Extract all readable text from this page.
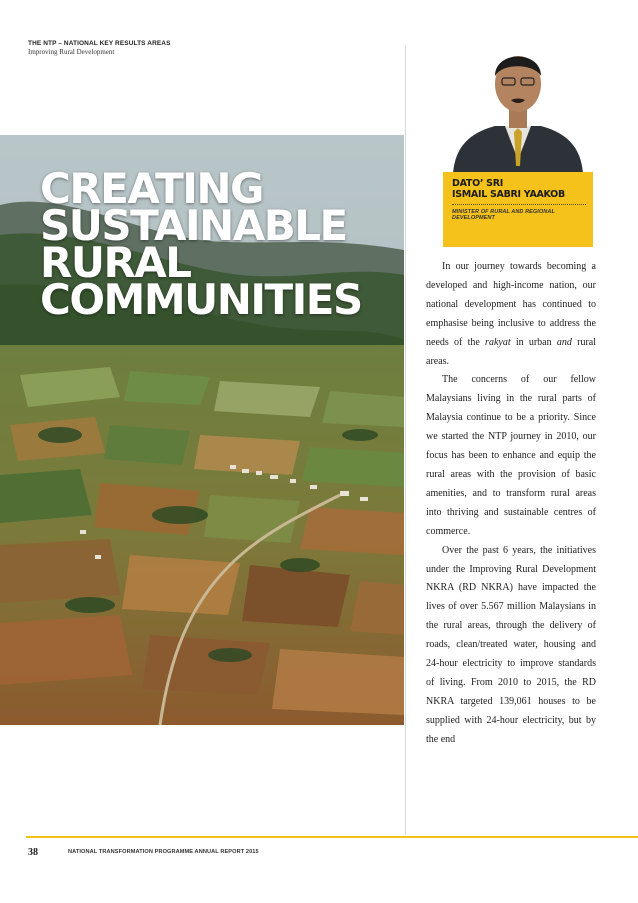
THE NTP – NATIONAL KEY RESULTS AREAS
Improving Rural Development
CREATING
SUSTAINABLE
RURAL
COMMUNITIES
DATO’ SRI
ISMAIL SABRI YAAKOB
MINISTER OF RURAL AND REGIONAL DEVELOPMENT

In our journey towards becoming a developed and high-income nation, our national development has continued to emphasise being inclusive to address the needs of the rakyat in urban and rural areas.

The concerns of our fellow Malaysians living in the rural parts of Malaysia continue to be a priority. Since we started the NTP journey in 2010, our focus has been to enhance and equip the rural areas with the provision of basic amenities, and to transform rural areas into thriving and sustainable centres of commerce.

Over the past 6 years, the initiatives under the Improving Rural Development NKRA (RD NKRA) have impacted the lives of over 5.567 million Malaysians in the rural areas, through the delivery of roads, clean/treated water, housing and 24-hour electricity to improve standards of living. From 2010 to 2015, the RD NKRA targeted 139,061 houses to be supplied with 24-hour electricity, but by the end

38	NATIONAL TRANSFORMATION PROGRAMME ANNUAL REPORT 2015
